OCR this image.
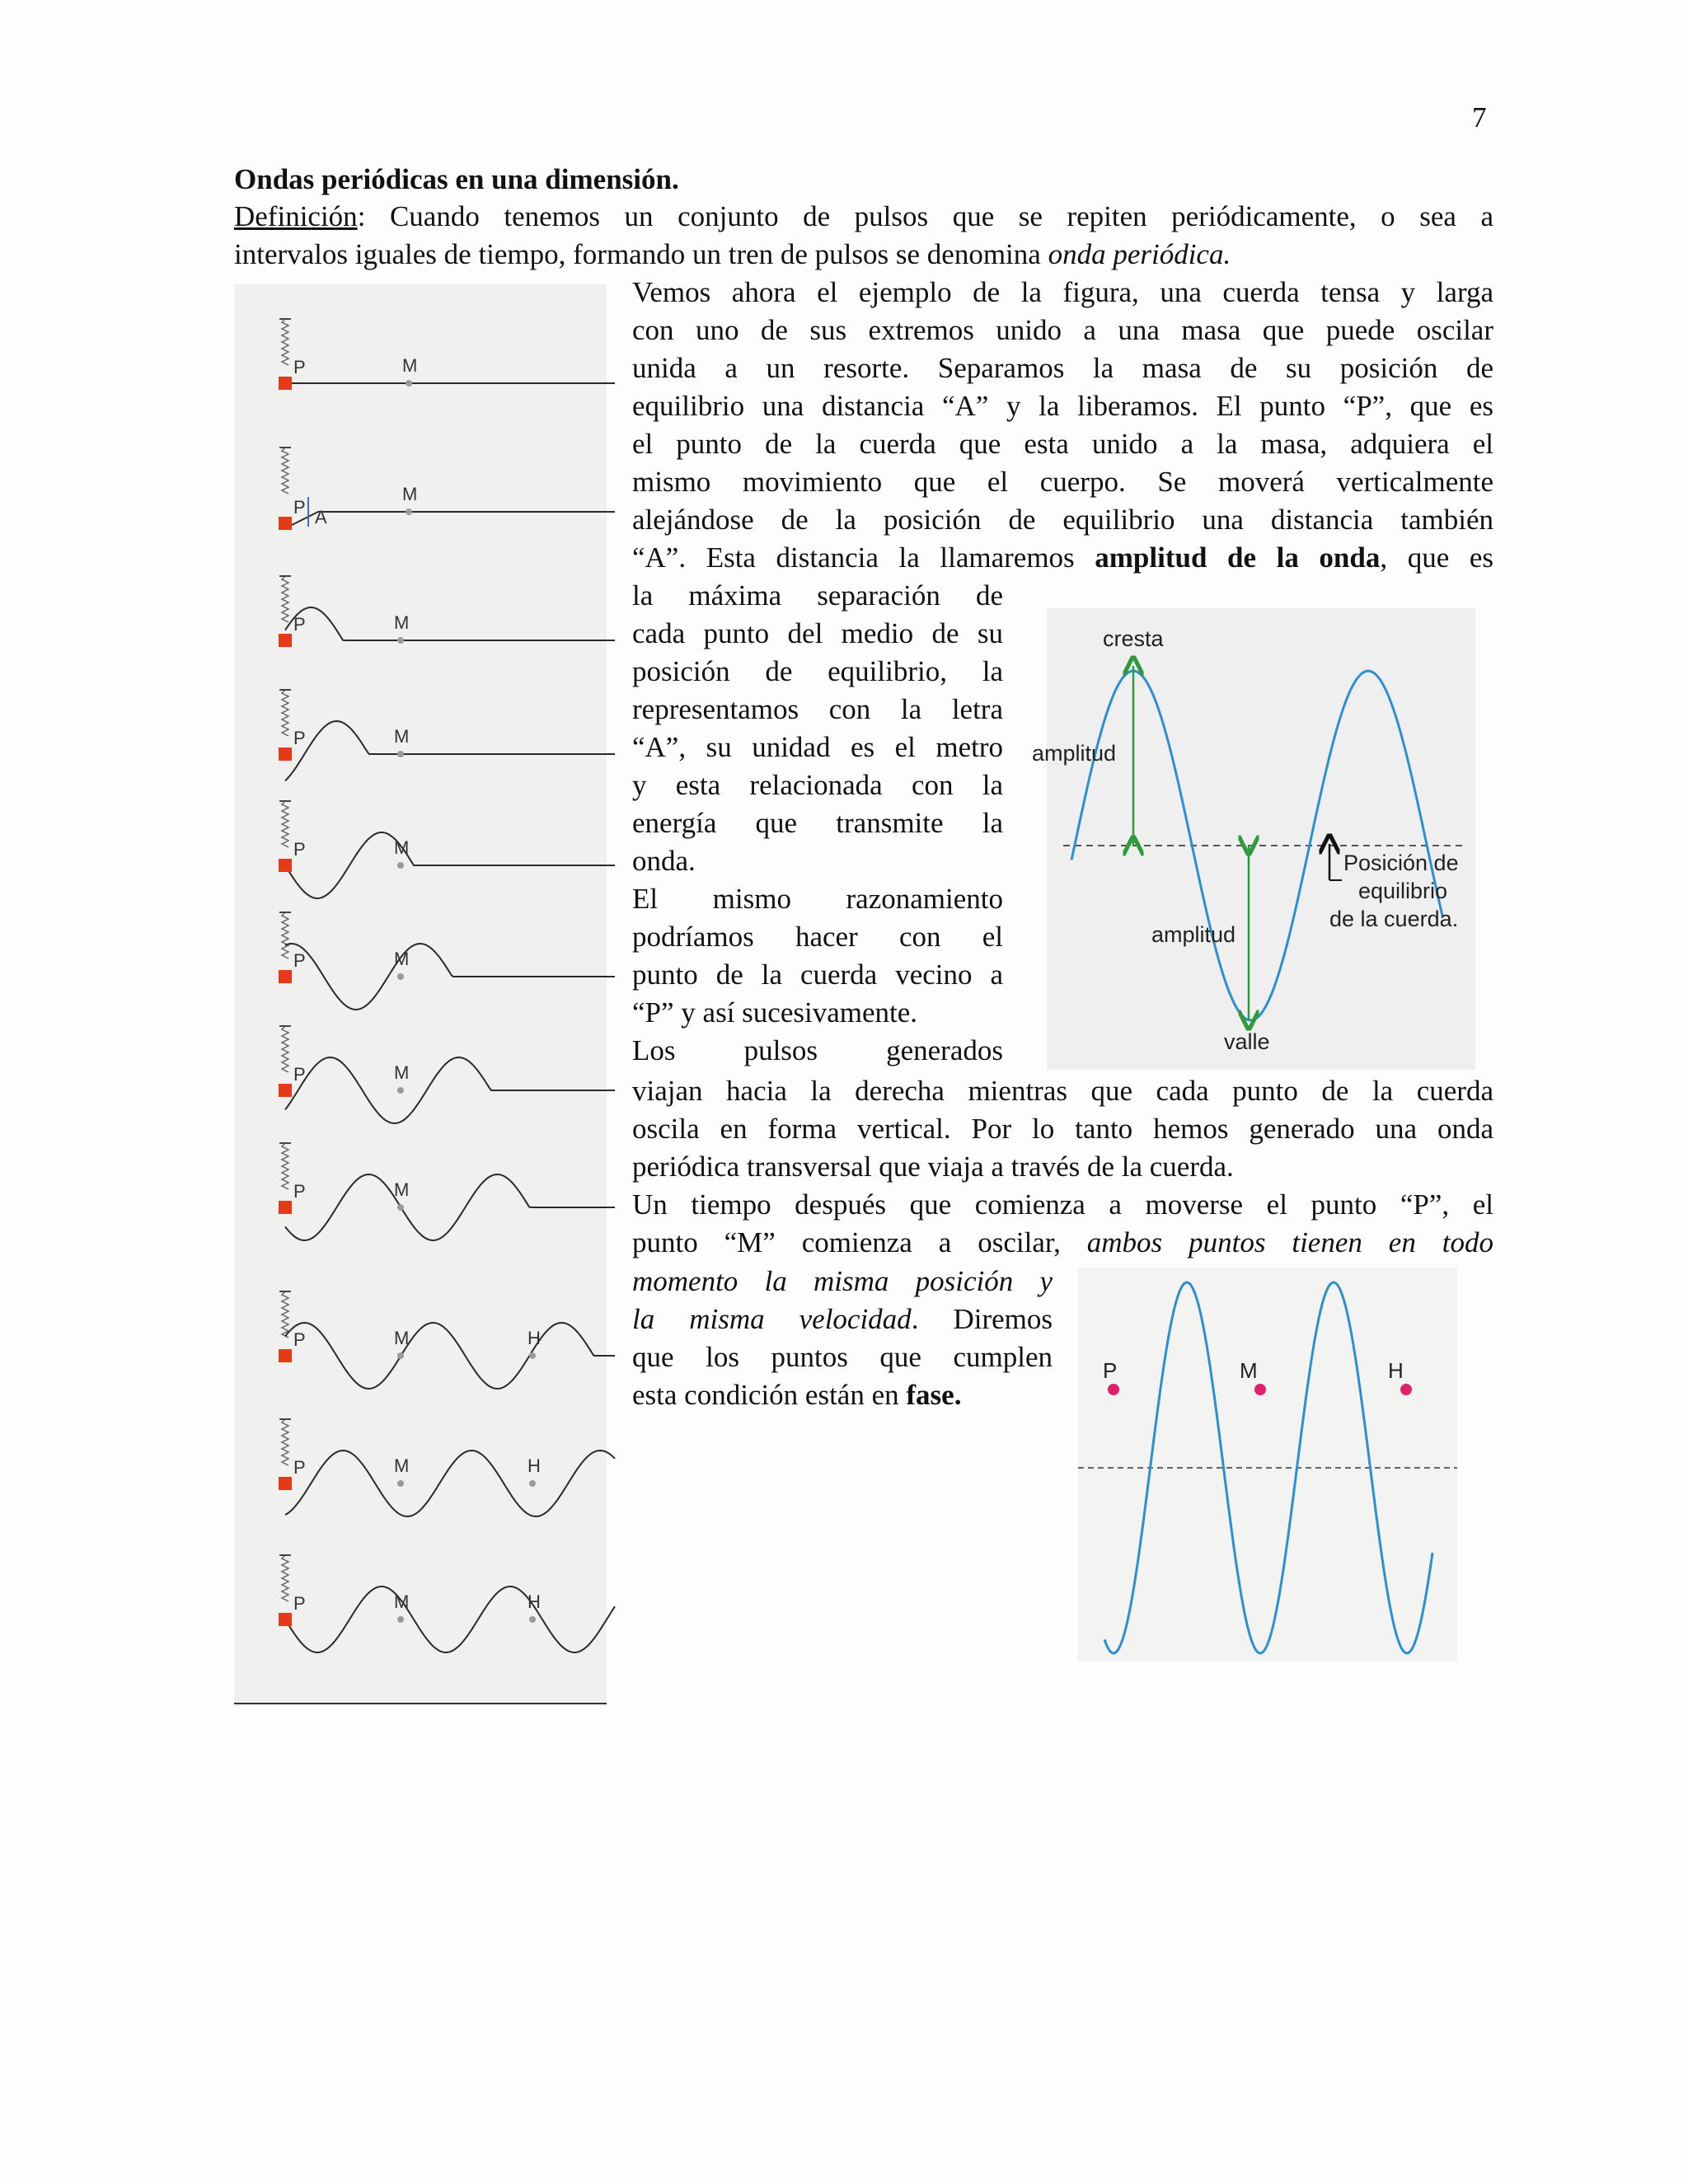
7
Ondas periódicas en una dimensión.
Definición: Cuando tenemos un conjunto de pulsos que se repiten periódicamente, o sea a
intervalos iguales de tiempo, formando un tren de pulsos se denomina onda periódica.
Vemos ahora el ejemplo de la figura, una cuerda tensa y larga
con uno de sus extremos unido a una masa que puede oscilar
unida a un resorte. Separamos la masa de su posición de
equilibrio una distancia “A” y la liberamos. El punto “P”, que es
el punto de la cuerda que esta unido a la masa, adquiera el
mismo movimiento que el cuerpo. Se moverá verticalmente
alejándose de la posición de equilibrio una distancia también
“A”. Esta distancia la llamaremos amplitud de la onda, que es
la máxima separación de
cada punto del medio de su
posición de equilibrio, la
representamos con la letra
“A”, su unidad es el metro
y esta relacionada con la
energía que transmite la
onda.
El mismo razonamiento
podríamos hacer con el
punto de la cuerda vecino a
“P” y así sucesivamente.
Los pulsos generados
viajan hacia la derecha mientras que cada punto de la cuerda
oscila en forma vertical. Por lo tanto hemos generado una onda
periódica transversal que viaja a través de la cuerda.
Un tiempo después que comienza a moverse el punto “P”, el
punto “M” comienza a oscilar, ambos puntos tienen en todo
momento la misma posición y
la misma velocidad. Diremos
que los puntos que cumplen
esta condición están en fase.
P	M
P
M
A
P	M
P	M
P	M
P	M
P	M
P	M
P	M	H
P	M	H
P	M	H
cresta
amplitud
amplitud
valle
Posición de
equilibrio
de la cuerda.
P	M	H
